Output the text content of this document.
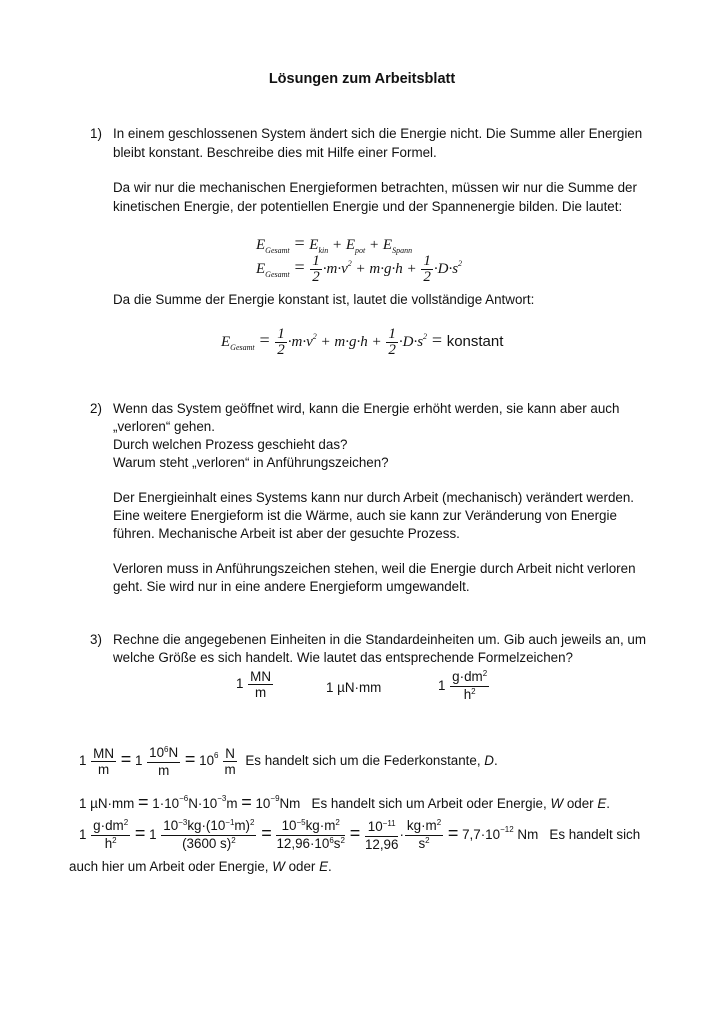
Lösungen zum Arbeitsblatt
1) In einem geschlossenen System ändert sich die Energie nicht. Die Summe aller Energien
bleibt konstant. Beschreibe dies mit Hilfe einer Formel.
Da wir nur die mechanischen Energieformen betrachten, müssen wir nur die Summe der
kinetischen Energie, der potentiellen Energie und der Spannenergie bilden. Die lautet:
$E_{Gesamt} = E_{kin} + E_{pot} + E_{Spann}$
$E_{Gesamt} = \frac{1}{2} \cdot m\cdot v^2 + m\cdot g\cdot h + \frac{1}{2} \cdot D\cdot s^2$
Da die Summe der Energie konstant ist, lautet die vollständige Antwort:
$E_{Gesamt} = \frac{1}{2} \cdot m\cdot v^2 + m\cdot g\cdot h + \frac{1}{2} \cdot D\cdot s^2$ = konstant
2) Wenn das System geöffnet wird, kann die Energie erhöht werden, sie kann aber auch
„verloren“ gehen.
Durch welchen Prozess geschieht das?
Warum steht „verloren“ in Anführungszeichen?
Der Energieinhalt eines Systems kann nur durch Arbeit (mechanisch) verändert werden.
Eine weitere Energieform ist die Wärme, auch sie kann zur Veränderung von Energie
führen. Mechanische Arbeit ist aber der gesuchte Prozess.
Verloren muss in Anführungszeichen stehen, weil die Energie durch Arbeit nicht verloren
geht. Sie wird nur in eine andere Energieform umgewandelt.
3) Rechne die angegebenen Einheiten in die Standardeinheiten um. Gib auch jeweils an, um
welche Größe es sich handelt. Wie lautet das entsprechende Formelzeichen?
$1 \frac{MN}{m}$	1 µN·mm	$1 \frac{g\cdot dm^2}{h^2}$
$1 \frac{MN}{m} = 1 \frac{10^6N}{m} = 10^6 \frac{N}{m}$ Es handelt sich um die Federkonstante, D.
1 $\mu N\cdot mm = 1\cdot 10^{-6}N\cdot 10^{-3}m = 10^{-9}Nm$   Es handelt sich um Arbeit oder Energie, W oder E.
$1 \frac{g\cdot dm^2}{h^2} = 1 \frac{10^{-3}kg\cdot(10^{-1}m)^2}{(3600 s)^2} = \frac{10^{-5}kg\cdot m^2}{12,96\cdot 10^6s^2} = \frac{10^{-11}}{12,96} \cdot \frac{kg\cdot m^2}{s^2} = 7,7\cdot 10^{-12}$ Nm   Es handelt sich
auch hier um Arbeit oder Energie, W oder E.
